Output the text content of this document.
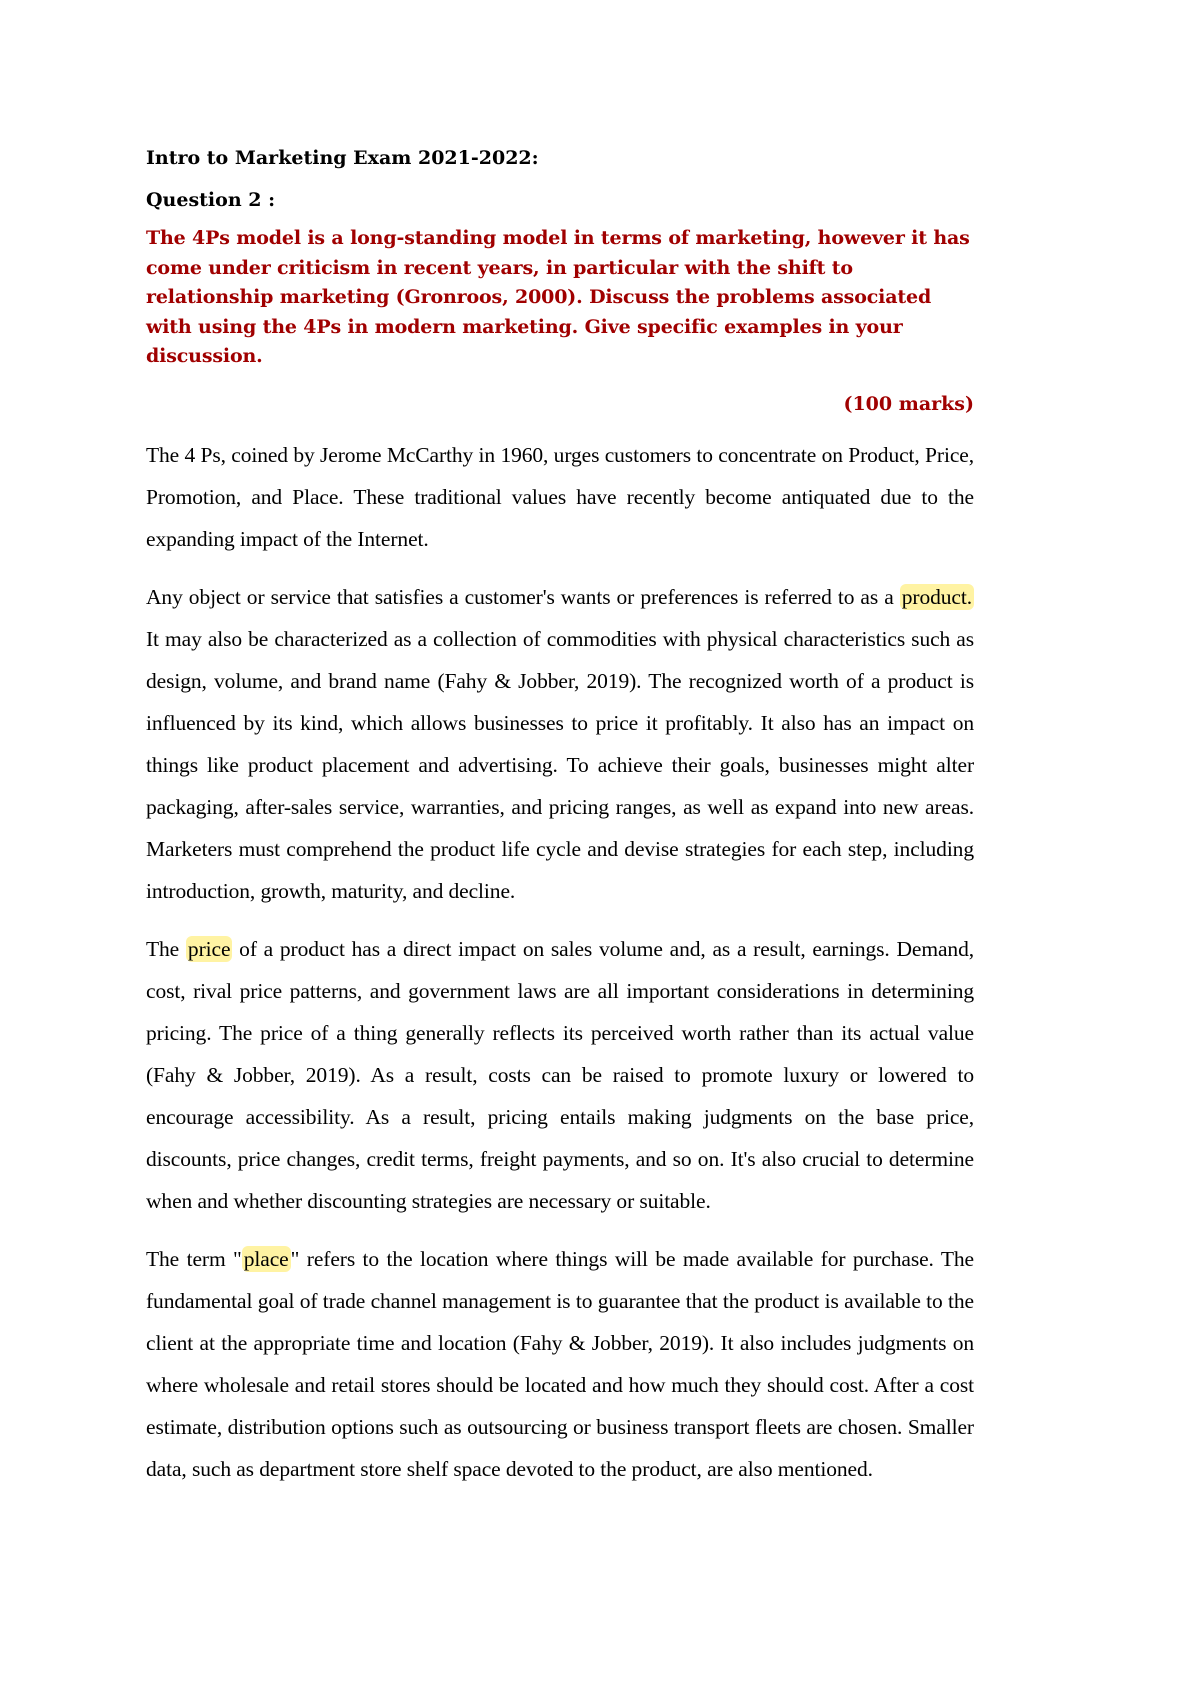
Intro to Marketing Exam 2021-2022:

Question 2 :

The 4Ps model is a long-standing model in terms of marketing, however it has come under criticism in recent years, in particular with the shift to relationship marketing (Gronroos, 2000). Discuss the problems associated with using the 4Ps in modern marketing. Give specific examples in your discussion.

(100 marks)

The 4 Ps, coined by Jerome McCarthy in 1960, urges customers to concentrate on Product, Price, Promotion, and Place. These traditional values have recently become antiquated due to the expanding impact of the Internet.

Any object or service that satisfies a customer's wants or preferences is referred to as a product. It may also be characterized as a collection of commodities with physical characteristics such as design, volume, and brand name (Fahy & Jobber, 2019). The recognized worth of a product is influenced by its kind, which allows businesses to price it profitably. It also has an impact on things like product placement and advertising. To achieve their goals, businesses might alter packaging, after-sales service, warranties, and pricing ranges, as well as expand into new areas. Marketers must comprehend the product life cycle and devise strategies for each step, including introduction, growth, maturity, and decline.

The price of a product has a direct impact on sales volume and, as a result, earnings. Demand, cost, rival price patterns, and government laws are all important considerations in determining pricing. The price of a thing generally reflects its perceived worth rather than its actual value (Fahy & Jobber, 2019). As a result, costs can be raised to promote luxury or lowered to encourage accessibility. As a result, pricing entails making judgments on the base price, discounts, price changes, credit terms, freight payments, and so on. It's also crucial to determine when and whether discounting strategies are necessary or suitable.

The term "place" refers to the location where things will be made available for purchase. The fundamental goal of trade channel management is to guarantee that the product is available to the client at the appropriate time and location (Fahy & Jobber, 2019). It also includes judgments on where wholesale and retail stores should be located and how much they should cost. After a cost estimate, distribution options such as outsourcing or business transport fleets are chosen. Smaller data, such as department store shelf space devoted to the product, are also mentioned.
